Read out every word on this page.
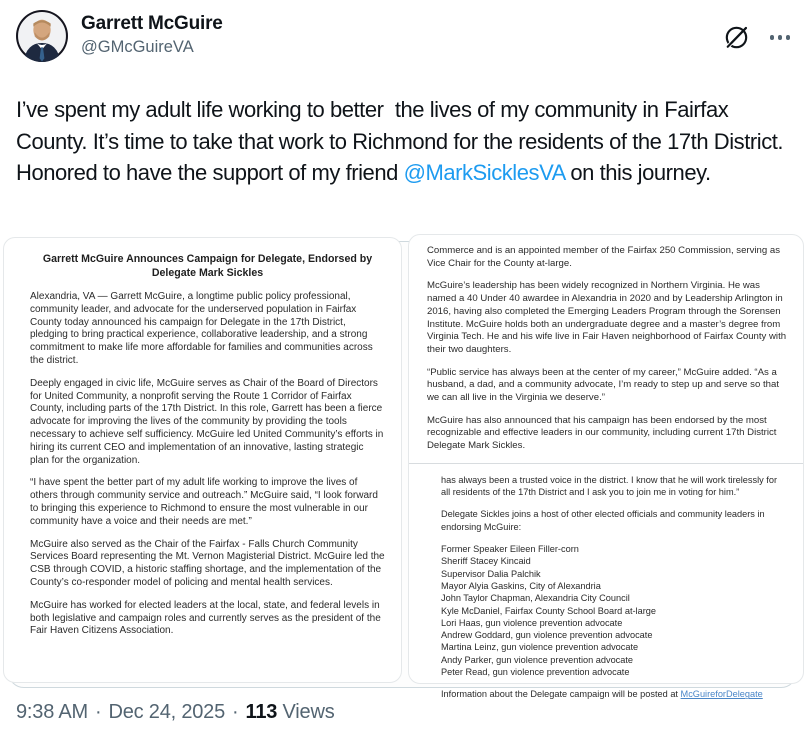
Garrett McGuire
@GMcGuireVA
I’ve spent my adult life working to better  the lives of my community in Fairfax County. It’s time to take that work to Richmond for the residents of the 17th District. Honored to have the support of my friend @MarkSicklesVA on this journey.
Garrett McGuire Announces Campaign for Delegate, Endorsed by Delegate Mark Sickles

Alexandria, VA — Garrett McGuire, a longtime public policy professional, community leader, and advocate for the underserved population in Fairfax County today announced his campaign for Delegate in the 17th District, pledging to bring practical experience, collaborative leadership, and a strong commitment to make life more affordable for families and communities across the district.

Deeply engaged in civic life, McGuire serves as Chair of the Board of Directors for United Community, a nonprofit serving the Route 1 Corridor of Fairfax County, including parts of the 17th District. In this role, Garrett has been a fierce advocate for improving the lives of the community by providing the tools necessary to achieve self sufficiency. McGuire led United Community’s efforts in hiring its current CEO and implementation of an innovative, lasting strategic plan for the organization.

“I have spent the better part of my adult life working to improve the lives of others through community service and outreach.” McGuire said, “I look forward to bringing this experience to Richmond to ensure the most vulnerable in our community have a voice and their needs are met.”

McGuire also served as the Chair of the Fairfax - Falls Church Community Services Board representing the Mt. Vernon Magisterial District. McGuire led the CSB through COVID, a historic staffing shortage, and the implementation of the County’s co-responder model of policing and mental health services.

McGuire has worked for elected leaders at the local, state, and federal levels in both legislative and campaign roles and currently serves as the president of the Fair Haven Citizens Association.

Commerce and is an appointed member of the Fairfax 250 Commission, serving as Vice Chair for the County at-large.

McGuire’s leadership has been widely recognized in Northern Virginia. He was named a 40 Under 40 awardee in Alexandria in 2020 and by Leadership Arlington in 2016, having also completed the Emerging Leaders Program through the Sorensen Institute. McGuire holds both an undergraduate degree and a master’s degree from Virginia Tech. He and his wife live in Fair Haven neighborhood of Fairfax County with their two daughters.

“Public service has always been at the center of my career,” McGuire added. “As a husband, a dad, and a community advocate, I’m ready to step up and serve so that we can all live in the Virginia we deserve.”

McGuire has also announced that his campaign has been endorsed by the most recognizable and effective leaders in our community, including current 17th District Delegate Mark Sickles.

has always been a trusted voice in the district. I know that he will work tirelessly for all residents of the 17th District and I ask you to join me in voting for him.”

Delegate Sickles joins a host of other elected officials and community leaders in endorsing McGuire:

Former Speaker Eileen Filler-corn
Sheriff Stacey Kincaid
Supervisor Dalia Palchik
Mayor Alyia Gaskins, City of Alexandria
John Taylor Chapman, Alexandria City Council
Kyle McDaniel, Fairfax County School Board at-large
Lori Haas, gun violence prevention advocate
Andrew Goddard, gun violence prevention advocate
Martina Leinz, gun violence prevention advocate
Andy Parker, gun violence prevention advocate
Peter Read, gun violence prevention advocate

Information about the Delegate campaign will be posted at McGuireforDelegate

9:38 AM · Dec 24, 2025 · 113 Views
